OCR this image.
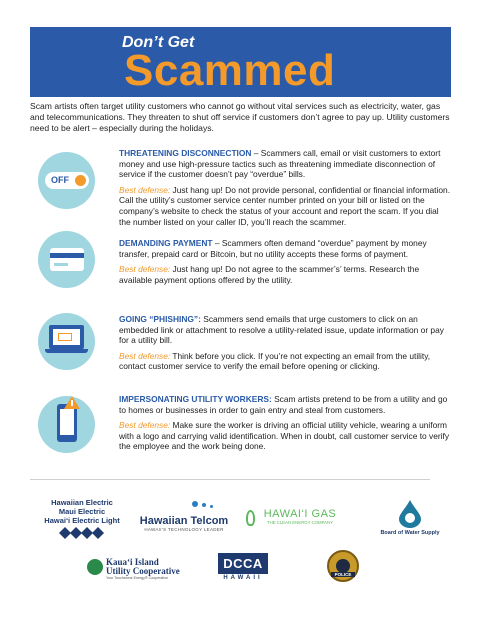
Don’t Get
Scammed
Scam artists often target utility customers who cannot go without vital services such as electricity, water, gas and telecommunications. They threaten to shut off service if customers don’t agree to pay up. Utility customers need to be alert – especially during the holidays.
OFF

THREATENING DISCONNECTION – Scammers call, email or visit customers to extort money and use high-pressure tactics such as threatening immediate disconnection of service if the customer doesn’t pay “overdue” bills.

Best defense: Just hang up! Do not provide personal, confidential or financial information. Call the utility’s customer service center number printed on your bill or listed on the company’s website to check the status of your account and report the scam. If you dial the number listed on your caller ID, you’ll reach the scammer.

DEMANDING PAYMENT – Scammers often demand “overdue” payment by money transfer, prepaid card or Bitcoin, but no utility accepts these forms of payment.

Best defense: Just hang up! Do not agree to the scammer’s’ terms. Research the available payment options offered by the utility.

GOING “PHISHING”: Scammers send emails that urge customers to click on an embedded link or attachment to resolve a utility-related issue, update information or pay for a utility bill.

Best defense: Think before you click. If you’re not expecting an email from the utility, contact customer service to verify the email before opening or clicking.

IMPERSONATING UTILITY WORKERS: Scam artists pretend to be from a utility and go to homes or businesses in order to gain entry and steal from customers.

Best defense: Make sure the worker is driving an official utility vehicle, wearing a uniform with a logo and carrying valid identification. When in doubt, call customer service to verify the employee and the work being done.

Hawaiian Electric
Maui Electric
Hawai‘i Electric Light	Hawaiian Telcom
HAWAII’S TECHNOLOGY LEADER
HAWAI‘I GAS
THE CLEAN ENERGY COMPANY
Board of Water Supply
Kaua‘i Island
Utility Cooperative
Your Touchstone Energy® Cooperative
DCCA
HAWAII
POLICE
